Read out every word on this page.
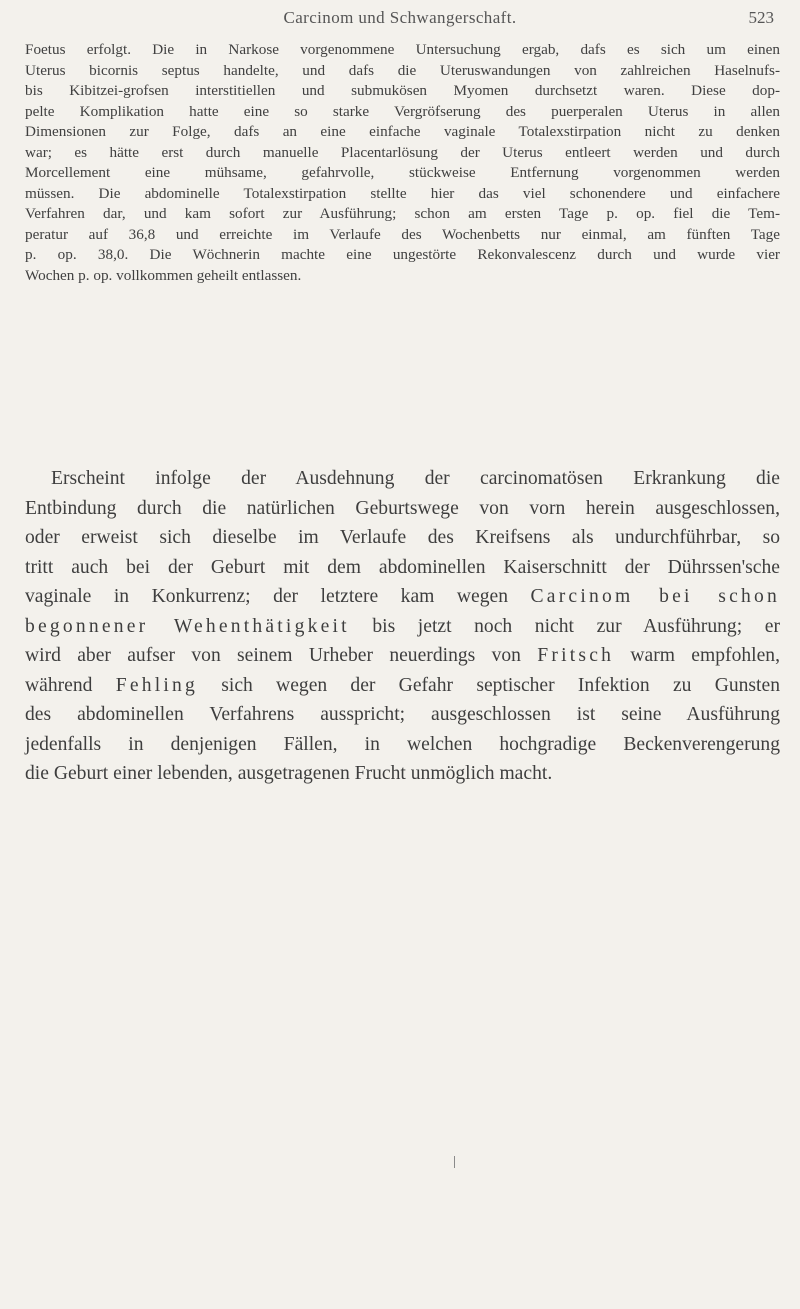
Carcinom und Schwangerschaft.	523
Foetus erfolgt. Die in Narkose vorgenommene Untersuchung ergab, dafs es sich um einen
Uterus bicornis septus handelte, und dafs die Uteruswandungen von zahlreichen Haselnufs-
bis Kibitzei-grofsen interstitiellen und submukösen Myomen durchsetzt waren. Diese dop-
pelte Komplikation hatte eine so starke Vergröfserung des puerperalen Uterus in allen
Dimensionen zur Folge, dafs an eine einfache vaginale Totalexstirpation nicht zu denken
war; es hätte erst durch manuelle Placentarlösung der Uterus entleert werden und durch
Morcellement eine mühsame, gefahrvolle, stückweise Entfernung vorgenommen werden
müssen. Die abdominelle Totalexstirpation stellte hier das viel schonendere und einfachere
Verfahren dar, und kam sofort zur Ausführung; schon am ersten Tage p. op. fiel die Tem-
peratur auf 36,8 und erreichte im Verlaufe des Wochenbetts nur einmal, am fünften Tage
p. op. 38,0. Die Wöchnerin machte eine ungestörte Rekonvalescenz durch und wurde vier
Wochen p. op. vollkommen geheilt entlassen.
Erscheint infolge der Ausdehnung der carcinomatösen Erkrankung die
Entbindung durch die natürlichen Geburtswege von vorn herein ausgeschlossen,
oder erweist sich dieselbe im Verlaufe des Kreifsens als undurchführbar, so
tritt auch bei der Geburt mit dem abdominellen Kaiserschnitt der Dührssen'sche
vaginale in Konkurrenz; der letztere kam wegen Carcinom bei schon
begonnener Wehenthätigkeit bis jetzt noch nicht zur Ausführung; er
wird aber aufser von seinem Urheber neuerdings von Fritsch warm empfohlen,
während Fehling sich wegen der Gefahr septischer Infektion zu Gunsten
des abdominellen Verfahrens ausspricht; ausgeschlossen ist seine Ausführung
jedenfalls in denjenigen Fällen, in welchen hochgradige Beckenverengerung
die Geburt einer lebenden, ausgetragenen Frucht unmöglich macht.
